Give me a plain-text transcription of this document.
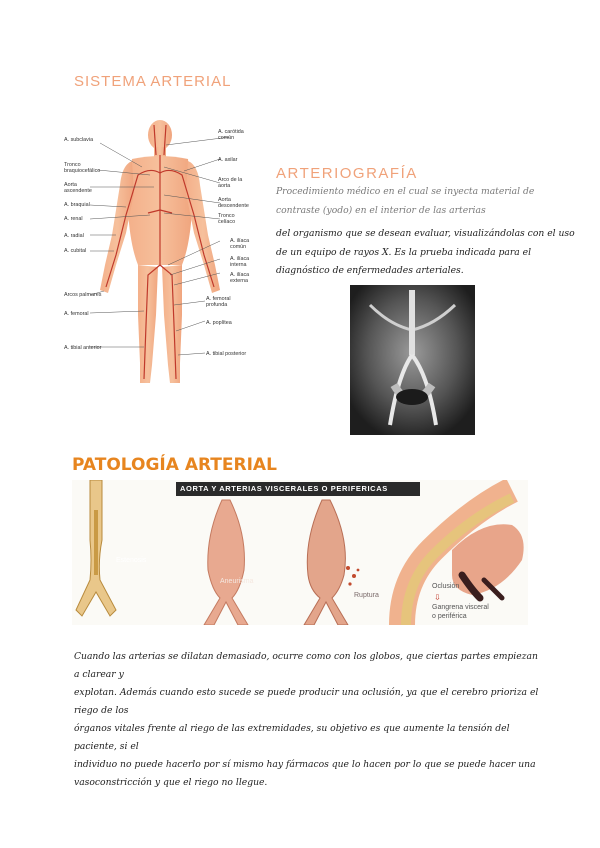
SISTEMA ARTERIAL
A. subclavia
Tronco braquiocefálico
Aorta ascendente
A. braquial
A. renal
A. radial
A. cubital
Arcos palmares
A. femoral
A. tibial anterior
A. carótida común
A. axilar
Arco de la aorta
Aorta descendente
Tronco celíaco
A. ilíaca común
A. ilíaca interna
A. ilíaca externa
A. femoral profunda
A. poplítea
A. tibial posterior
ARTERIOGRAFÍA
Procedimiento médico en el cual se inyecta material de
contraste (yodo) en el interior de las arterias
del organismo que se desean evaluar, visualizándolas con el uso
de un equipo de rayos X. Es la prueba indicada para el
diagnóstico de enfermedades arteriales.
PATOLOGÍA ARTERIAL
AORTA Y ARTERIAS VISCERALES O PERIFERICAS
Estenosis
Aneurisma
Ruptura
Oclusión
⇩
Gangrena visceral
o periférica
Cuando las arterias se dilatan demasiado, ocurre como con los globos, que ciertas partes empiezan a clarear y
explotan. Además cuando esto sucede se puede producir una oclusión, ya que el cerebro prioriza el riego de los
órganos vitales frente al riego de las extremidades, su objetivo es que aumente la tensión del paciente, si el
individuo no puede hacerlo por sí mismo hay fármacos que lo hacen por lo que se puede hacer una
vasoconstricción y que el riego no llegue.
